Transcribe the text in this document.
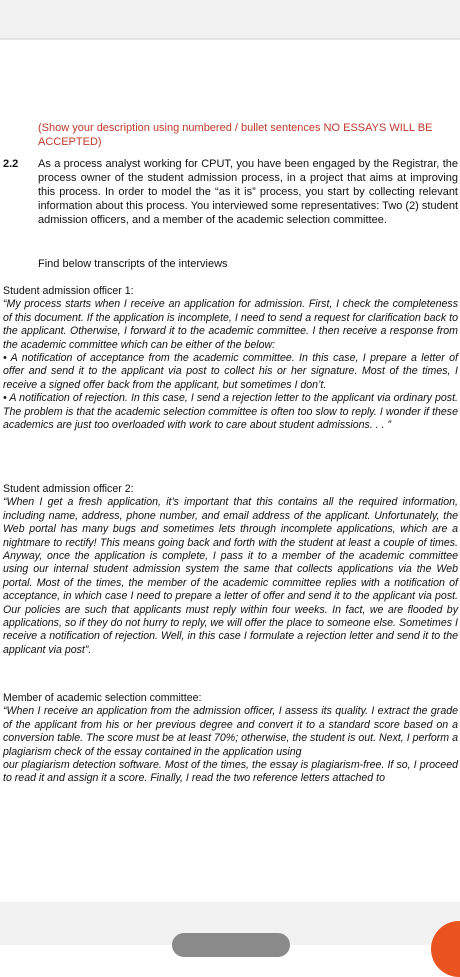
(Show your description using numbered / bullet sentences NO ESSAYS WILL BE ACCEPTED)
2.2 As a process analyst working for CPUT, you have been engaged by the Registrar, the process owner of the student admission process, in a project that aims at improving this process. In order to model the “as it is” process, you start by collecting relevant information about this process. You interviewed some representatives: Two (2) student admission officers, and a member of the academic selection committee.
Find below transcripts of the interviews
Student admission officer 1:

“My process starts when I receive an application for admission. First, I check the completeness of this document. If the application is incomplete, I need to send a request for clarification back to the applicant. Otherwise, I forward it to the academic committee. I then receive a response from the academic committee which can be either of the below:

• A notification of acceptance from the academic committee. In this case, I prepare a letter of offer and send it to the applicant via post to collect his or her signature. Most of the times, I receive a signed offer back from the applicant, but sometimes I don’t.

• A notification of rejection. In this case, I send a rejection letter to the applicant via ordinary post. The problem is that the academic selection committee is often too slow to reply. I wonder if these academics are just too overloaded with work to care about student admissions. . . ”

Student admission officer 2:

“When I get a fresh application, it’s important that this contains all the required information, including name, address, phone number, and email address of the applicant. Unfortunately, the Web portal has many bugs and sometimes lets through incomplete applications, which are a nightmare to rectify! This means going back and forth with the student at least a couple of times. Anyway, once the application is complete, I pass it to a member of the academic committee using our internal student admission system the same that collects applications via the Web portal. Most of the times, the member of the academic committee replies with a notification of acceptance, in which case I need to prepare a letter of offer and send it to the applicant via post. Our policies are such that applicants must reply within four weeks. In fact, we are flooded by applications, so if they do not hurry to reply, we will offer the place to someone else. Sometimes I receive a notification of rejection. Well, in this case I formulate a rejection letter and send it to the applicant via post”.

Member of academic selection committee:

“When I receive an application from the admission officer, I assess its quality. I extract the grade of the applicant from his or her previous degree and convert it to a standard score based on a conversion table. The score must be at least 70%; otherwise, the student is out. Next, I perform a plagiarism check of the essay contained in the application using

our plagiarism detection software. Most of the times, the essay is plagiarism-free. If so, I proceed to read it and assign it a score. Finally, I read the two reference letters attached to
